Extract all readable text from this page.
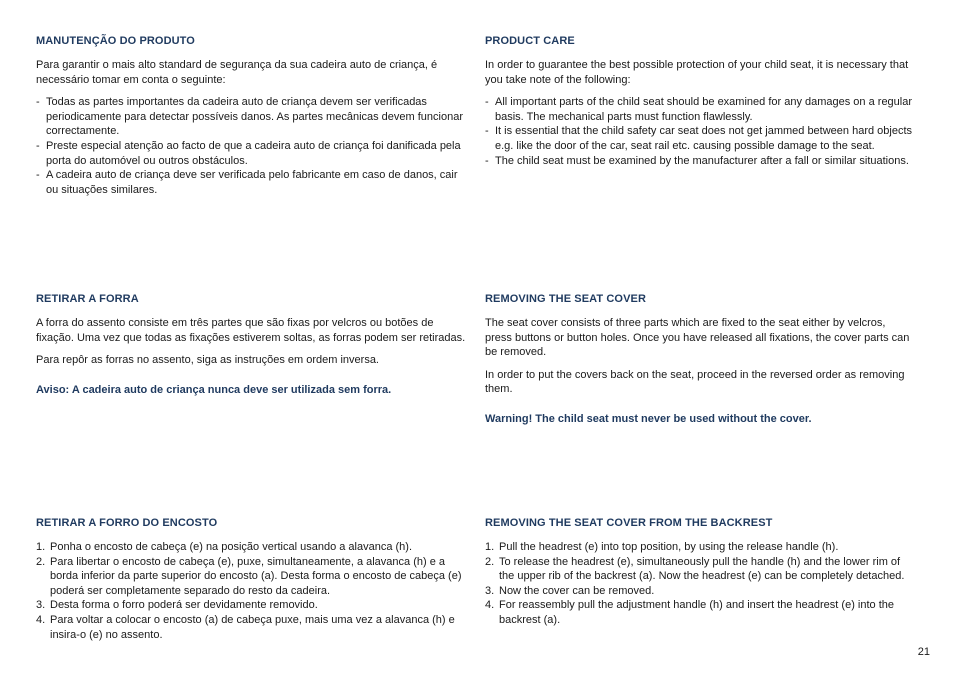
MANUTENÇÃO DO PRODUTO

Para garantir o mais alto standard de segurança da sua cadeira auto de criança, é necessário tomar em conta o seguinte:

- Todas as partes importantes da cadeira auto de criança devem ser verificadas periodicamente para detectar possíveis danos. As partes mecânicas devem funcionar correctamente.
- Preste especial atenção ao facto de que a cadeira auto de criança foi danificada pela porta do automóvel ou outros obstáculos.
- A cadeira auto de criança deve ser verificada pelo fabricante em caso de danos, cair ou situações similares.
RETIRAR A FORRA

A forra do assento consiste em três partes que são fixas por velcros ou botões de fixação. Uma vez que todas as fixações estiverem soltas, as forras podem ser retiradas.

Para repôr as forras no assento, siga as instruções em ordem inversa.

Aviso: A cadeira auto de criança nunca deve ser utilizada sem forra.

RETIRAR A FORRO DO ENCOSTO
1. Ponha o encosto de cabeça (e) na posição vertical usando a alavanca (h).
2. Para libertar o encosto de cabeça (e), puxe, simultaneamente, a alavanca (h) e a borda inferior da parte superior do encosto (a). Desta forma o encosto de cabeça (e) poderá ser completamente separado do resto da cadeira.
3. Desta forma o forro poderá ser devidamente removido.
4. Para voltar a colocar o encosto (a) de cabeça puxe, mais uma vez a alavanca (h) e insira-o (e) no assento.
PRODUCT CARE

In order to guarantee the best possible protection of your child seat, it is necessary that you take note of the following:

- All important parts of the child seat should be examined for any damages on a regular basis. The mechanical parts must function flawlessly.
- It is essential that the child safety car seat does not get jammed between hard objects e.g. like the door of the car, seat rail etc. causing possible damage to the seat.
- The child seat must be examined by the manufacturer after a fall or similar situations.
REMOVING THE SEAT COVER

The seat cover consists of three parts which are fixed to the seat either by velcros, press buttons or button holes. Once you have released all fixations, the cover parts can be removed.

In order to put the covers back on the seat, proceed in the reversed order as removing them.

Warning! The child seat must never be used without the cover.

REMOVING THE SEAT COVER FROM THE BACKREST
1. Pull the headrest (e) into top position, by using the release handle (h).
2. To release the headrest (e), simultaneously pull the handle (h) and the lower rim of the upper rib of the backrest (a). Now the headrest (e) can be completely detached.
3. Now the cover can be removed.
4. For reassembly pull the adjustment handle (h) and insert the headrest (e) into the backrest (a).
21
